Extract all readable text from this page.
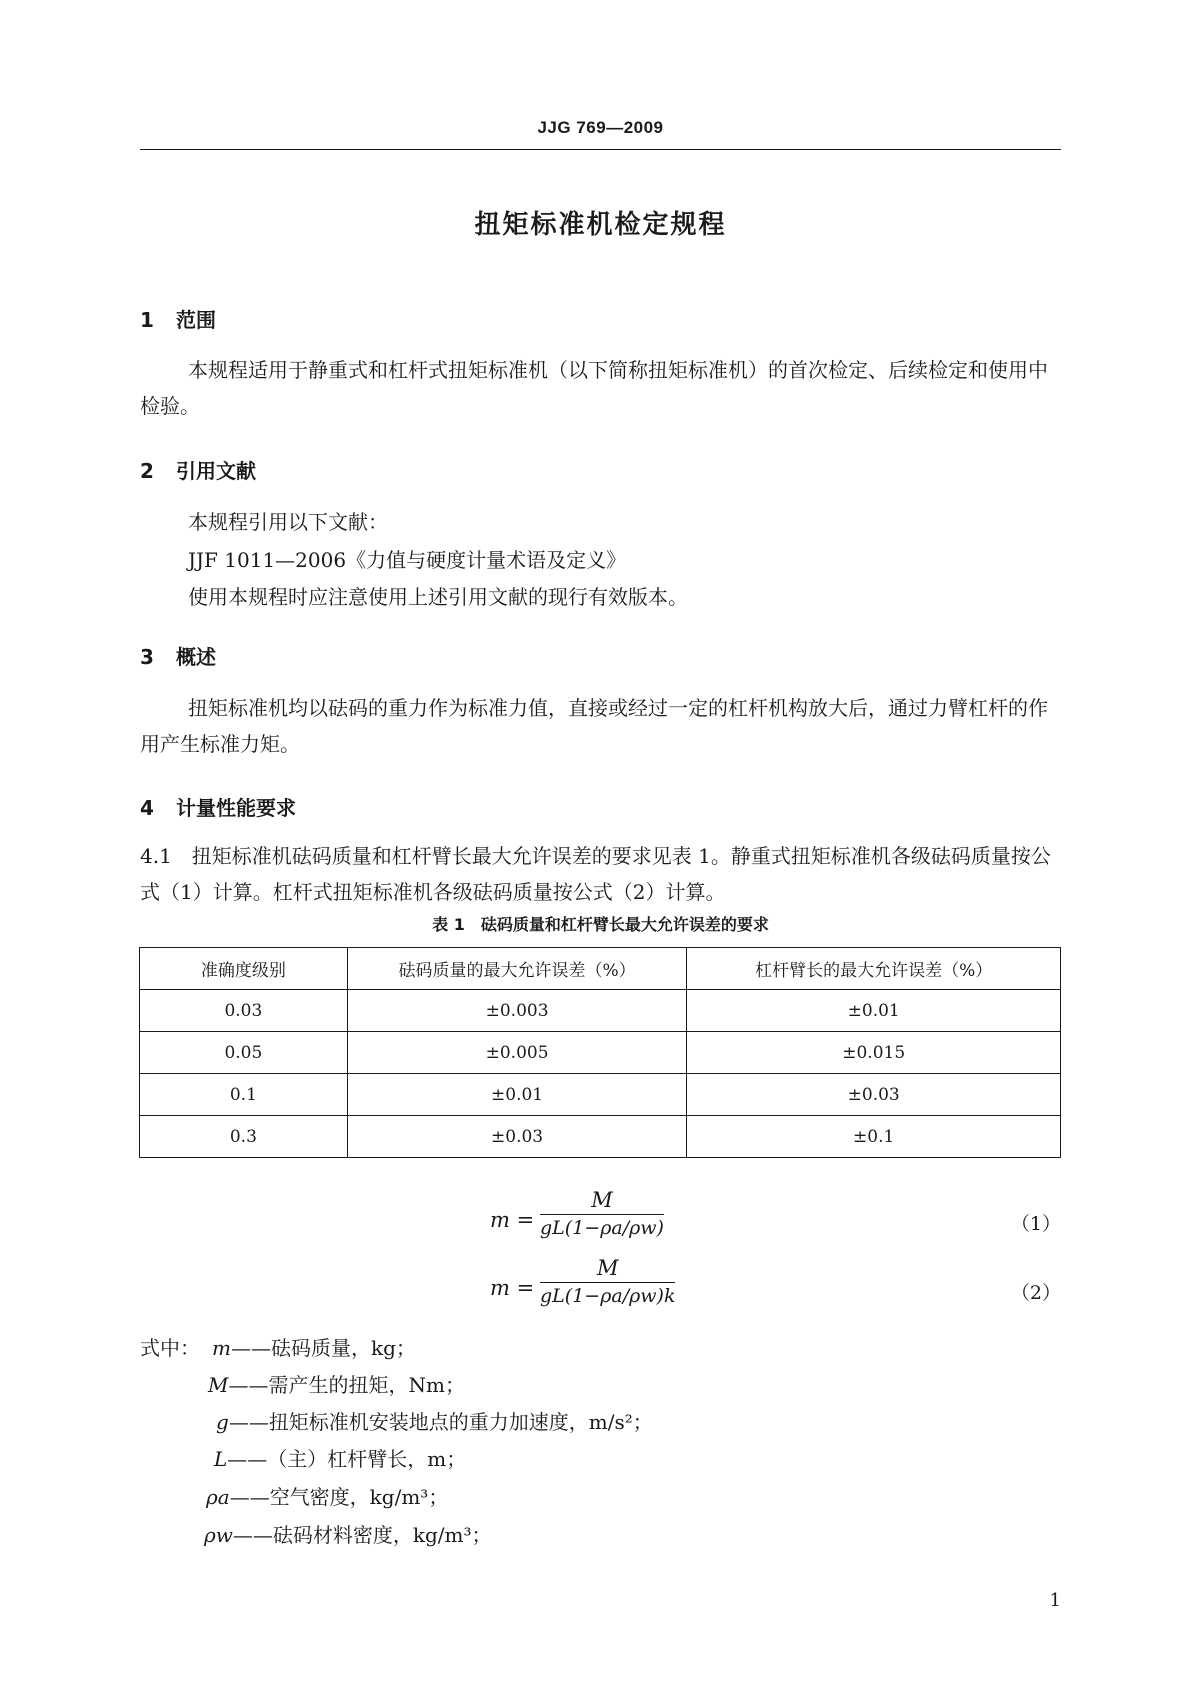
JJG 769—2009
扭矩标准机检定规程
1 范围
本规程适用于静重式和杠杆式扭矩标准机（以下简称扭矩标准机）的首次检定、后续检定和使用中检验。
2 引用文献
本规程引用以下文献：
JJF 1011—2006《力值与硬度计量术语及定义》
使用本规程时应注意使用上述引用文献的现行有效版本。
3 概述
扭矩标准机均以砝码的重力作为标准力值，直接或经过一定的杠杆机构放大后，通过力臂杠杆的作用产生标准力矩。
4 计量性能要求
4.1　扭矩标准机砝码质量和杠杆臂长最大允许误差的要求见表 1。静重式扭矩标准机各级砝码质量按公式（1）计算。杠杆式扭矩标准机各级砝码质量按公式（2）计算。
表 1　砝码质量和杠杆臂长最大允许误差的要求
准确度级别	砝码质量的最大允许误差（%）	杠杆臂长的最大允许误差（%）
0.03	±0.003	±0.01
0.05	±0.005	±0.015
0.1	±0.01	±0.03
0.3	±0.03	±0.1
m =
M
gL(1−ρa/ρw)	（1）
m =
M
gL(1−ρa/ρw)k	（2）
式中： m——砝码质量，kg；
M——需产生的扭矩，Nm；
g——扭矩标准机安装地点的重力加速度，m/s²；
L——（主）杠杆臂长，m；
ρa——空气密度，kg/m³；
ρw——砝码材料密度，kg/m³；
1
